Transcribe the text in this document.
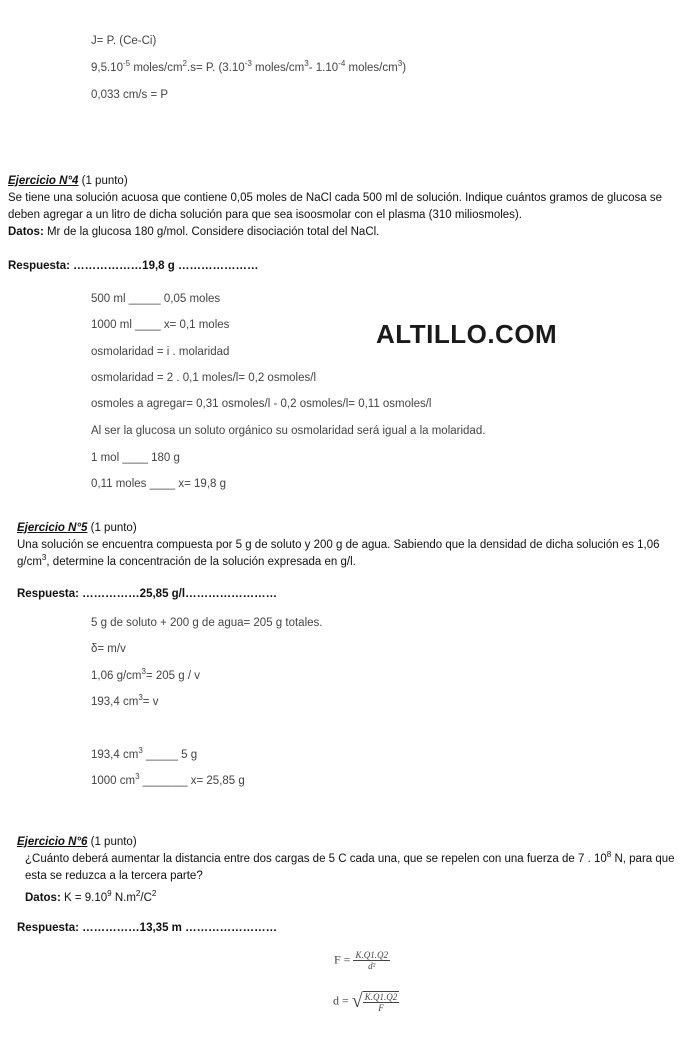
J= P. (Ce-Ci)
$9,5.10^{-5}$ moles/$cm^2.s= P$. ($3.10^{-3}$ moles/$cm^3-$ $1.10^{-4}$ moles/$cm^3$)
0,033 cm/s = P
Ejercicio N°4 (1 punto)
Se tiene una solución acuosa que contiene 0,05 moles de NaCl cada 500 ml de solución. Indique cuántos gramos de glucosa se deben agregar a un litro de dicha solución para que sea isoosmolar con el plasma (310 miliosmoles).
Datos: Mr de la glucosa 180 g/mol. Considere disociación total del NaCl.
Respuesta: ………………19,8 g …………………
500 ml _____ 0,05 moles
1000 ml ____ x= 0,1 moles
osmolaridad = i . molaridad
osmolaridad = 2 . 0,1 moles/l= 0,2 osmoles/l
osmoles a agregar= 0,31 osmoles/l - 0,2 osmoles/l= 0,11 osmoles/l
Al ser la glucosa un soluto orgánico su osmolaridad será igual a la molaridad.
1 mol ____ 180 g
0,11 moles ____ x= 19,8 g
ALTILLO.COM
Ejercicio N°5 (1 punto)
Una solución se encuentra compuesta por 5 g de soluto y 200 g de agua. Sabiendo que la densidad de dicha solución es 1,06 $g/cm^3$, determine la concentración de la solución expresada en g/l.
Respuesta: ……………25,85 g/l……………………
5 g de soluto + 200 g de agua= 205 g totales.
δ= m/v
1,06 $g/cm^3= 205$ g / v
193,4 $cm^3= v$
193,4 $cm^3$ _____ 5 g
1000 $cm^3$ _______ x= 25,85 g
Ejercicio N°6 (1 punto)
¿Cuánto deberá aumentar la distancia entre dos cargas de 5 C cada una, que se repelen con una fuerza de 7 . $10^8$ N, para que esta se reduzca a la tercera parte?
Datos: $K = 9.10^9$ $N.m^2/C^2$
Respuesta: ……………13,35 m ……………………
$F = \frac{K.Q1.Q2}{\text{d²}}$
d = √ $\frac{K.Q1.Q2}{F}$
